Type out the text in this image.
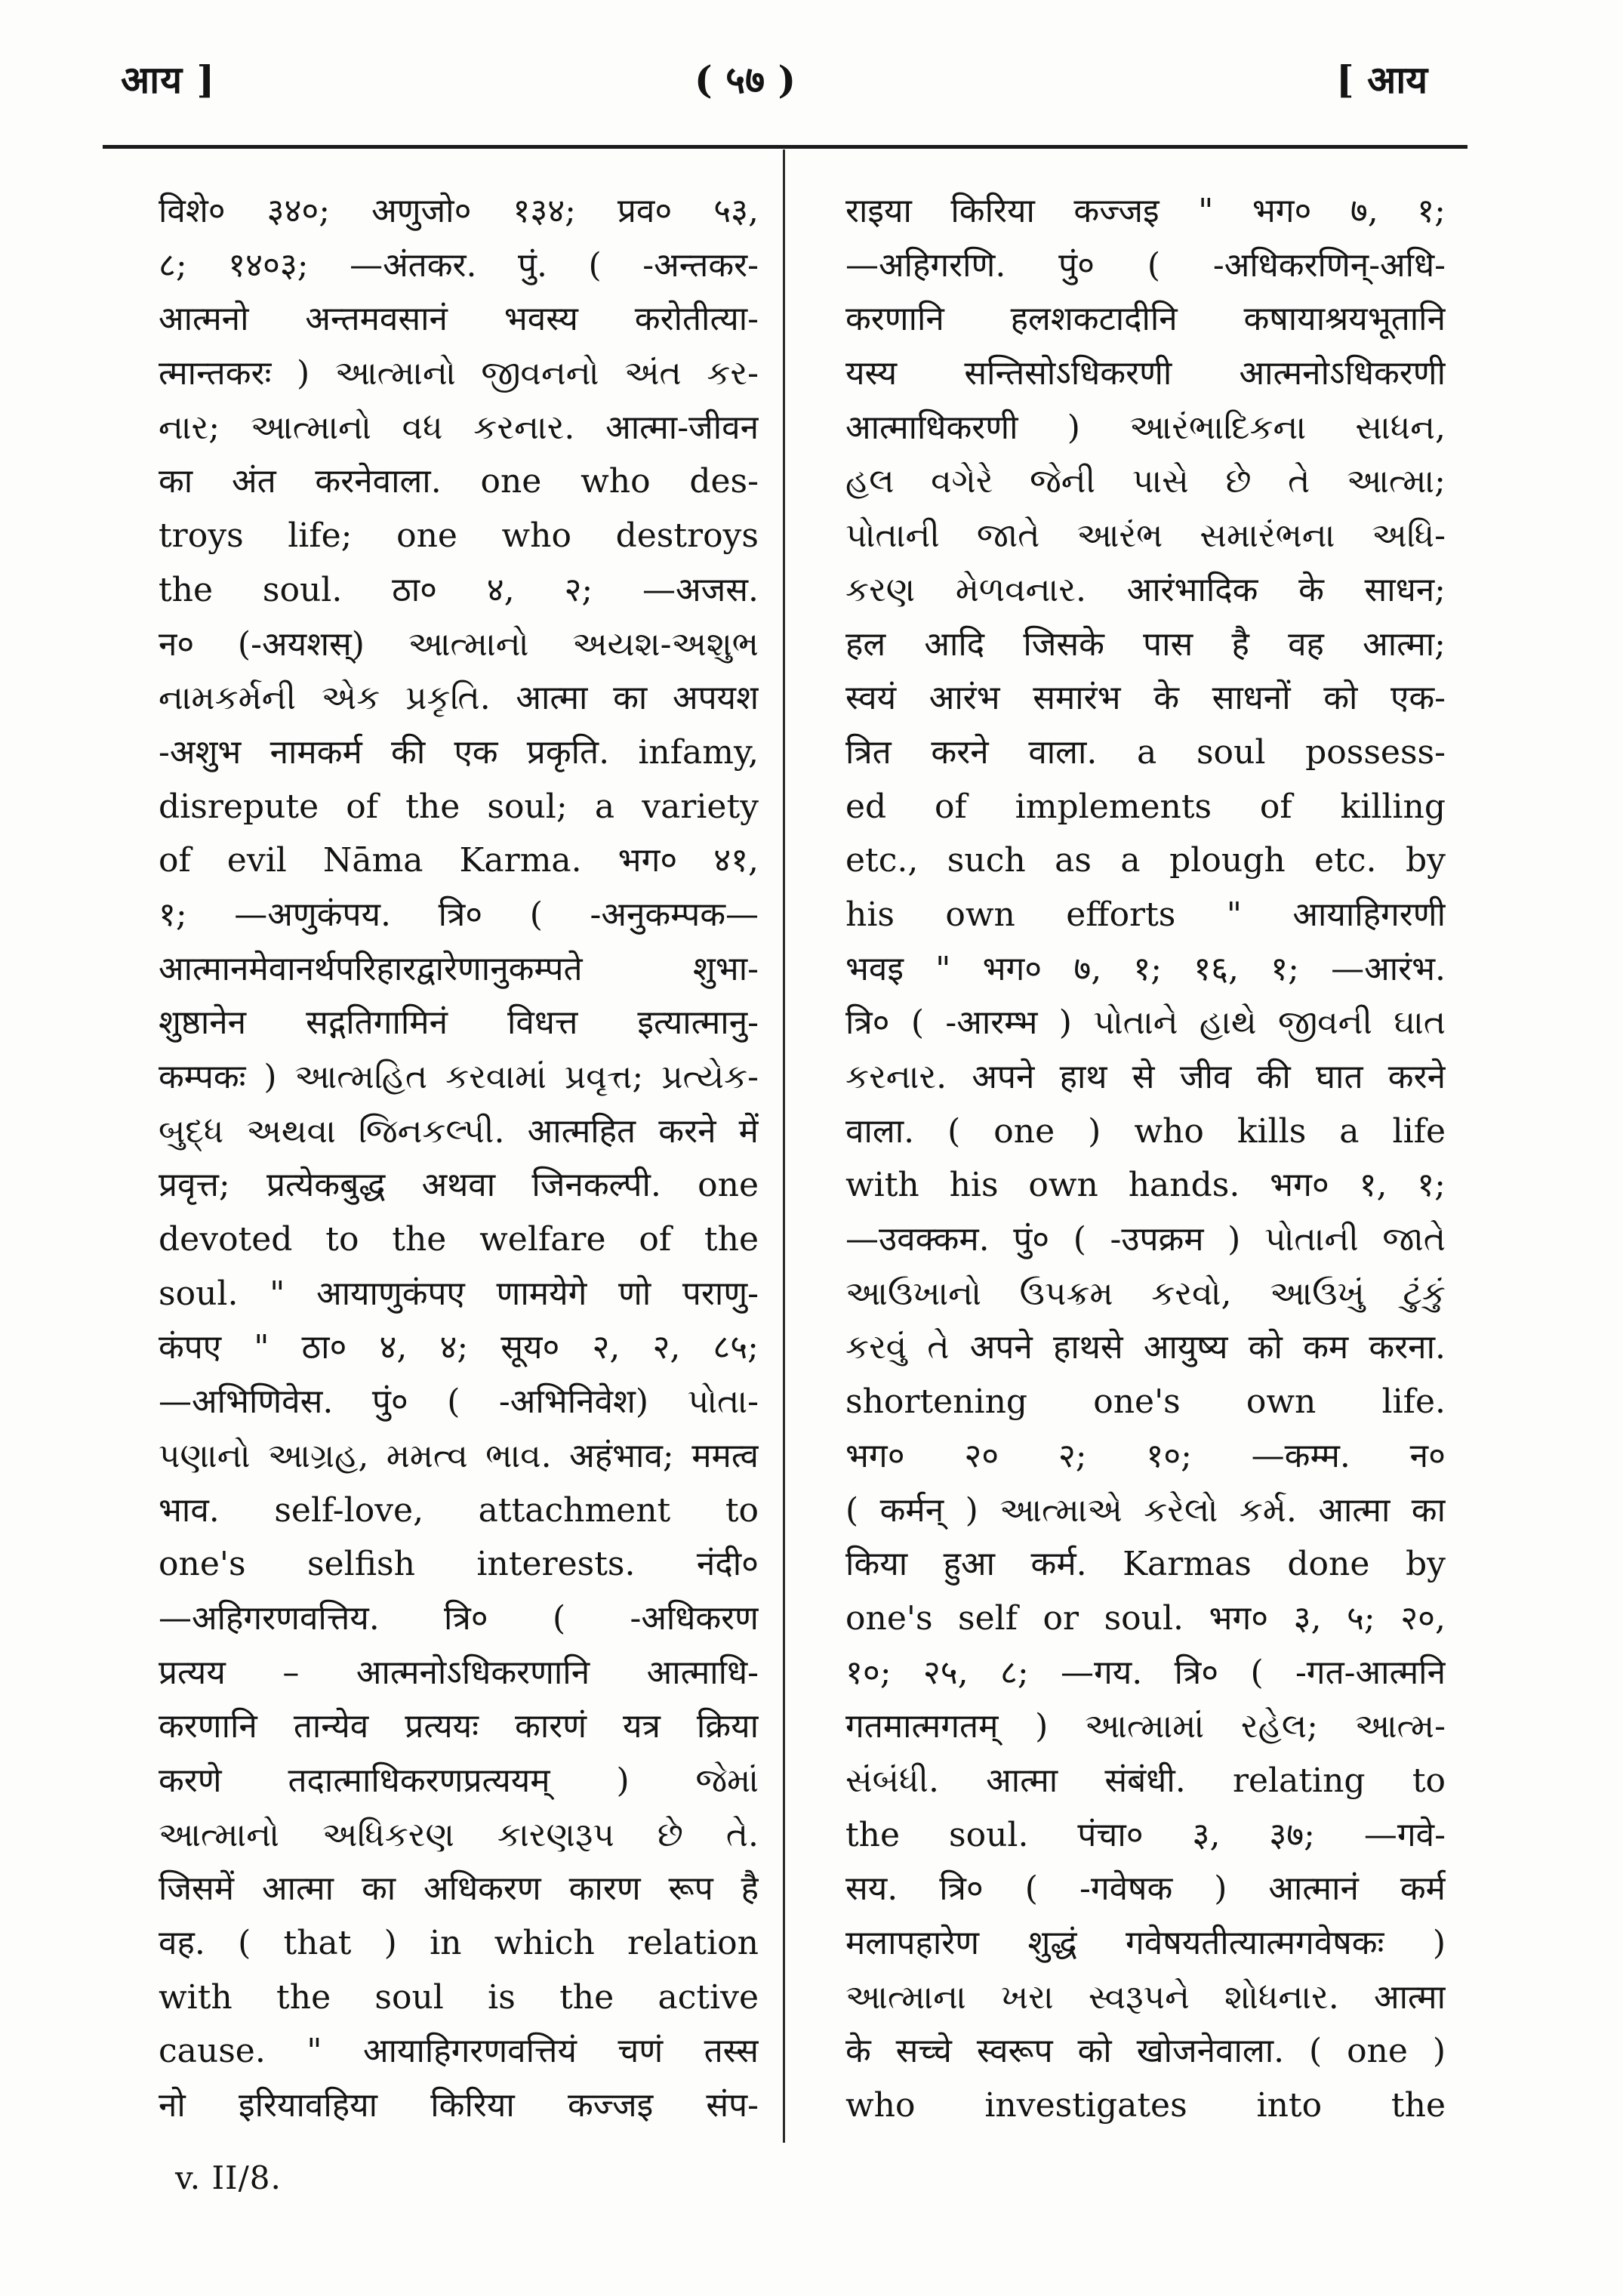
आय ]	( ५७ )	[ आय
विशे० ३४०; अणुजो० १३४; प्रव० ५३,
८; १४०३; —अंतकर. पुं. ( -अन्तकर-
आत्मनो अन्तमवसानं भवस्य करोतीत्या-
त्मान्तकरः ) આત્માનો જીવનનો અંત કર-
નાર; આત્માનો વધ કરનાર. आत्मा-जीवन
का अंत करनेवाला. one who des-
troys life; one who destroys
the soul. ठा० ४, २; —अजस.
न० (-अयशस्) આત્માનો અયશ-અશુભ
નામકર્મની એક પ્રકૃતિ. आत्मा का अपयश
-अशुभ नामकर्म की एक प्रकृति. infamy,
disrepute of the soul; a variety
of evil Nāma Karma. भग० ४१,
१; —अणुकंपय. त्रि० ( -अनुकम्पक—
आत्मानमेवानर्थपरिहारद्वारेणानुकम्पते शुभा-
शुष्ठानेन सद्गतिगामिनं विधत्त इत्यात्मानु-
कम्पकः ) આત્મહિત કરવામાં પ્રવૃત્ત; પ્રત્યેક-
બુદ્ધ અથવા જિનકલ્પી. आत्महित करने में
प्रवृत्त; प्रत्येकबुद्ध अथवा जिनकल्पी. one
devoted to the welfare of the
soul. " आयाणुकंपए णामयेगे णो पराणु-
कंपए " ठा० ४, ४; सूय० २, २, ८५;
—अभिणिवेस. पुं० ( -अभिनिवेश) પોતા-
પણાનો આગ્રહ, મમત્વ ભાવ. अहंभाव; ममत्व
भाव. self-love, attachment to
one's selfish interests. नंदी०
—अहिगरणवत्तिय. त्रि० ( -अधिकरण
प्रत्यय – आत्मनोऽधिकरणानि आत्माधि-
करणानि तान्येव प्रत्ययः कारणं यत्र क्रिया
करणे तदात्माधिकरणप्रत्ययम् ) જેમાં
આત્માનો અધિકરણ કારણરૂપ છે તે.
जिसमें आत्मा का अधिकरण कारण रूप है
वह. ( that ) in which relation
with the soul is the active
cause. " आयाहिगरणवत्तियं चणं तस्स
नो इरियावहिया किरिया कज्जइ संप-
राइया किरिया कज्जइ " भग० ७, १;
—अहिगरणि. पुं० ( -अधिकरणिन्-अधि-
करणानि हलशकटादीनि कषायाश्रयभूतानि
यस्य सन्तिसोऽधिकरणी आत्मनोऽधिकरणी
आत्माधिकरणी ) આરંભાદિકના સાધન,
હલ વગેરે જેની પાસે છે તે આત્મા;
પોતાની જાતે આરંભ સમારંભના અધિ-
કરણ મેળવનાર. आरंभादिक के साधन;
हल आदि जिसके पास है वह आत्मा;
स्वयं आरंभ समारंभ के साधनों को एक-
त्रित करने वाला. a soul possess-
ed of implements of killing
etc., such as a plough etc. by
his own efforts " आयाहिगरणी
भवइ " भग० ७, १; १६, १; —आरंभ.
त्रि० ( -आरम्भ ) પોતાને હાથે જીવની ઘાત
કરનાર. अपने हाथ से जीव की घात करने
वाला. ( one ) who kills a life
with his own hands. भग० १, १;
—उवक्कम. पुं० ( -उपक्रम ) પોતાની જાતે
આઉખાનો ઉપક્રમ કરવો, આઉખું ટુંકું
કરવું તે अपने हाथसे आयुष्य को कम करना.
shortening one's own life.
भग० २० २; १०; —कम्म. न०
( कर्मन् ) આત્માએ કરેલો કર્મ. आत्मा का
किया हुआ कर्म. Karmas done by
one's self or soul. भग० ३, ५; २०,
१०; २५, ८; —गय. त्रि० ( -गत-आत्मनि
गतमात्मगतम् ) આત્મામાં રહેલ; આત્મ-
સંબંધી. आत्मा संबंधी. relating to
the soul. पंचा० ३, ३७; —गवे-
सय. त्रि० ( -गवेषक ) आत्मानं कर्म
मलापहारेण शुद्धं गवेषयतीत्यात्मगवेषकः )
આત્માના ખરા સ્વરૂપને શોધનાર. आत्मा
के सच्चे स्वरूप को खोजनेवाला. ( one )
who investigates into the
v. II/8.
